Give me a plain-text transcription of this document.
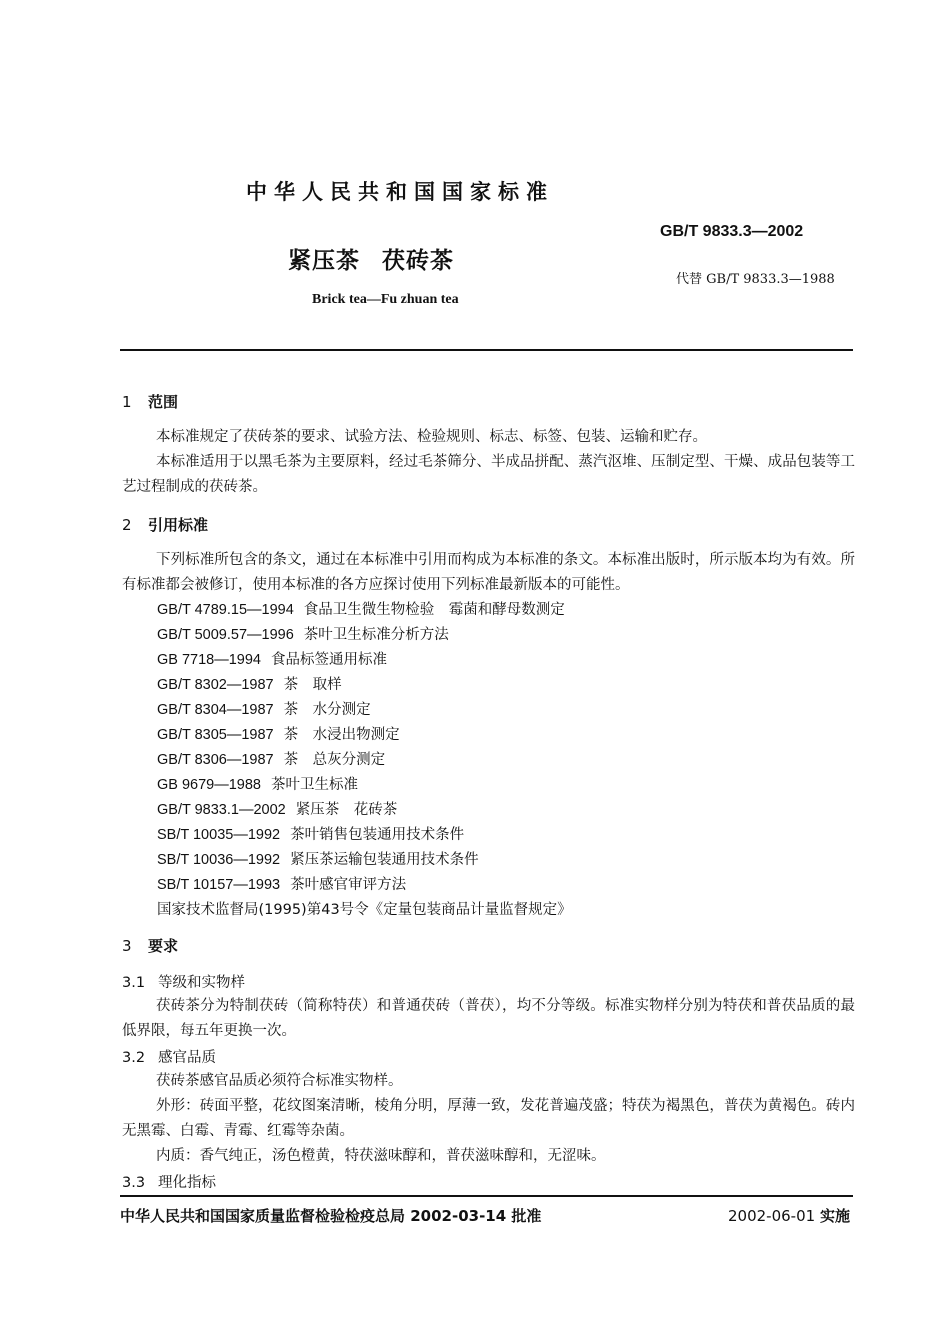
中华人民共和国国家标准
GB/T 9833.3—2002
紧压茶 茯砖茶
代替 GB/T 9833.3—1988
Brick tea—Fu zhuan tea
1 范围
本标准规定了茯砖茶的要求、试验方法、检验规则、标志、标签、包装、运输和贮存。
本标准适用于以黑毛茶为主要原料，经过毛茶筛分、半成品拼配、蒸汽沤堆、压制定型、干燥、成品包装等工艺过程制成的茯砖茶。
2 引用标准
下列标准所包含的条文，通过在本标准中引用而构成为本标准的条文。本标准出版时，所示版本均为有效。所有标准都会被修订，使用本标准的各方应探讨使用下列标准最新版本的可能性。
GB/T 4789.15—1994 食品卫生微生物检验　霉菌和酵母数测定
GB/T 5009.57—1996 茶叶卫生标准分析方法
GB 7718—1994 食品标签通用标准
GB/T 8302—1987 茶　取样
GB/T 8304—1987 茶　水分测定
GB/T 8305—1987 茶　水浸出物测定
GB/T 8306—1987 茶　总灰分测定
GB 9679—1988 茶叶卫生标准
GB/T 9833.1—2002 紧压茶　花砖茶
SB/T 10035—1992 茶叶销售包装通用技术条件
SB/T 10036—1992 紧压茶运输包装通用技术条件
SB/T 10157—1993 茶叶感官审评方法
国家技术监督局(1995)第43号令《定量包装商品计量监督规定》
3 要求
3.1 等级和实物样
茯砖茶分为特制茯砖（简称特茯）和普通茯砖（普茯），均不分等级。标准实物样分别为特茯和普茯品质的最低界限，每五年更换一次。
3.2 感官品质
茯砖茶感官品质必须符合标准实物样。
外形：砖面平整，花纹图案清晰，棱角分明，厚薄一致，发花普遍茂盛；特茯为褐黑色，普茯为黄褐色。砖内无黑霉、白霉、青霉、红霉等杂菌。
内质：香气纯正，汤色橙黄，特茯滋味醇和，普茯滋味醇和，无涩味。
3.3 理化指标
中华人民共和国国家质量监督检验检疫总局 2002-03-14 批准	2002-06-01 实施
